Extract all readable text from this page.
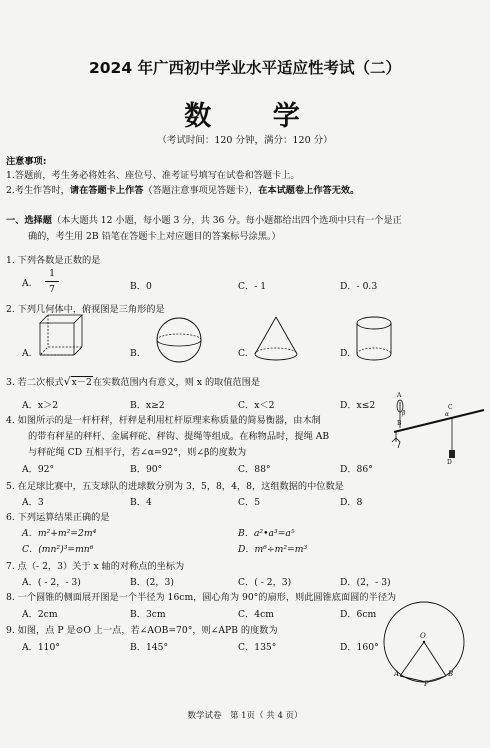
2024 年广西初中学业水平适应性考试（二）
数 学
（考试时间：120 分钟，满分：120 分）
注意事项:
1.答题前，考生务必将姓名、座位号、准考证号填写在试卷和答题卡上。
2.考生作答时，请在答题卡上作答（答题注意事项见答题卡），在本试题卷上作答无效。
一、选择题（本大题共 12 小题，每小题 3 分，共 36 分。每小题都给出四个选项中只有一个是正
确的，考生用 2B 铅笔在答题卡上对应题目的答案标号涂黑。）
1. 下列各数是正数的是
A.
1
7	B．0	C．- 1	D．- 0.3
2. 下列几何体中，俯视图是三角形的是
A.	B.	C.	D.
3. 若二次根式√x－2在实数范围内有意义，则 x 的取值范围是
A．x＞2	B．x≥2	C．x＜2	D．x≤2
4. 如图所示的是一杆杆秤，杆秤是利用杠杆原理来称质量的简易衡器，由木制
的带有秤星的秤杆、金属秤砣、秤钩、提绳等组成。在称物品时，提绳 AB
与秤砣绳 CD 互相平行，若∠α=92°，则∠β的度数为
A．92°	B．90°	C．88°	D．86°
A
B
C
D
α
β
5. 在足球比赛中，五支球队的进球数分别为 3，5，8，4，8，这组数据的中位数是
A．3	B．4	C．5	D．8
6. 下列运算结果正确的是
A．m²+m²=2m⁴	B．a²•a³=a⁵
C．(mn²)³=mn⁶	D．m⁶÷m²=m³
7. 点（- 2，3）关于 x 轴的对称点的坐标为
A．( - 2，- 3)	B．(2，3)	C．( - 2，3)	D．(2，- 3)
8. 一个圆锥的侧面展开图是一个半径为 16cm，圆心角为 90°的扇形，则此圆锥底面圆的半径为
A．2cm	B．3cm	C．4cm	D．6cm
9. 如图，点 P 是⊙O 上一点，若∠AOB=70°，则∠APB 的度数为
A．110°	B．145°	C．135°	D．160°
O
A	B
P
数学试卷　第 1页（ 共 4 页）
